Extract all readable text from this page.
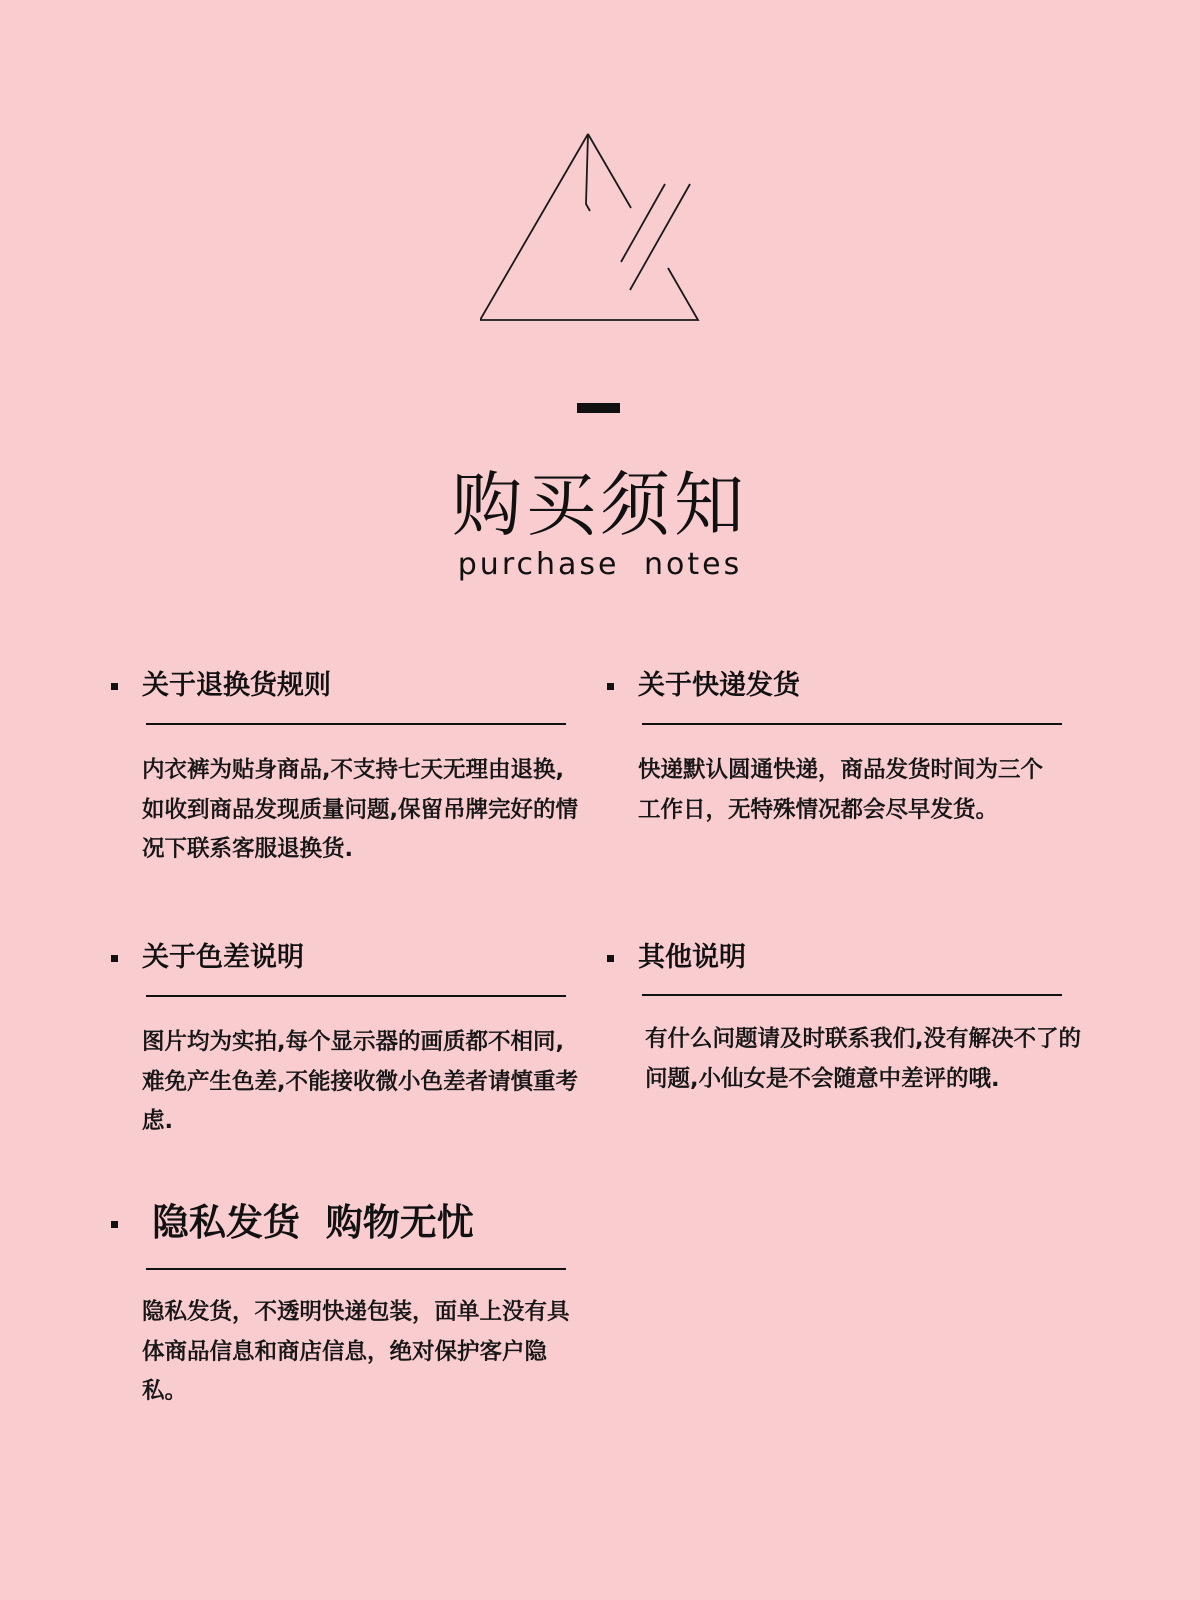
购买须知
purchase notes
关于退换货规则
内衣裤为贴身商品,不支持七天无理由退换,如收到商品发现质量问题,保留吊牌完好的情况下联系客服退换货.
关于快递发货
快递默认圆通快递，商品发货时间为三个工作日，无特殊情况都会尽早发货。
关于色差说明
图片均为实拍,每个显示器的画质都不相同,难免产生色差,不能接收微小色差者请慎重考虑.
其他说明
有什么问题请及时联系我们,没有解决不了的问题,小仙女是不会随意中差评的哦.
隐私发货  购物无忧
隐私发货，不透明快递包装，面单上没有具体商品信息和商店信息，绝对保护客户隐私。
